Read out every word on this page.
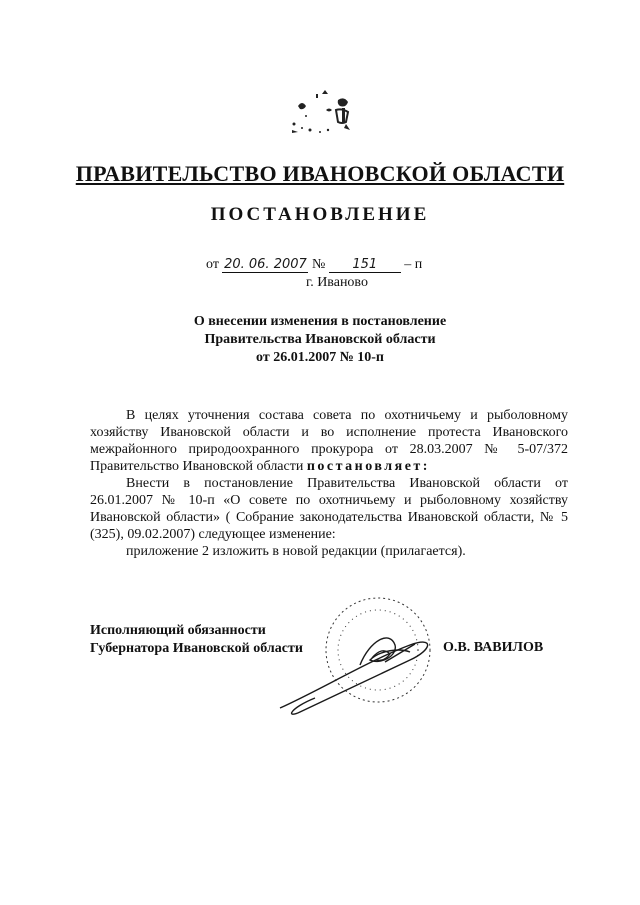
ПРАВИТЕЛЬСТВО ИВАНОВСКОЙ ОБЛАСТИ
ПОСТАНОВЛЕНИЕ
от 20. 06. 2007 № 151 – п
г. Иваново
О внесении изменения в постановление
Правительства Ивановской области
от 26.01.2007 № 10-п

В целях уточнения состава совета по охотничьему и рыболовному хозяйству Ивановской области и во исполнение протеста Ивановского межрайонного природоохранного прокурора от 28.03.2007 № 5-07/372 Правительство Ивановской области постановляет:

Внести в постановление Правительства Ивановской области от 26.01.2007 № 10-п «О совете по охотничьему и рыболовному хозяйству Ивановской области» ( Собрание законодательства Ивановской области, № 5 (325), 09.02.2007) следующее изменение:

приложение 2 изложить в новой редакции (прилагается).

Исполняющий обязанности
Губернатора Ивановской области	О.В. ВАВИЛОВ
